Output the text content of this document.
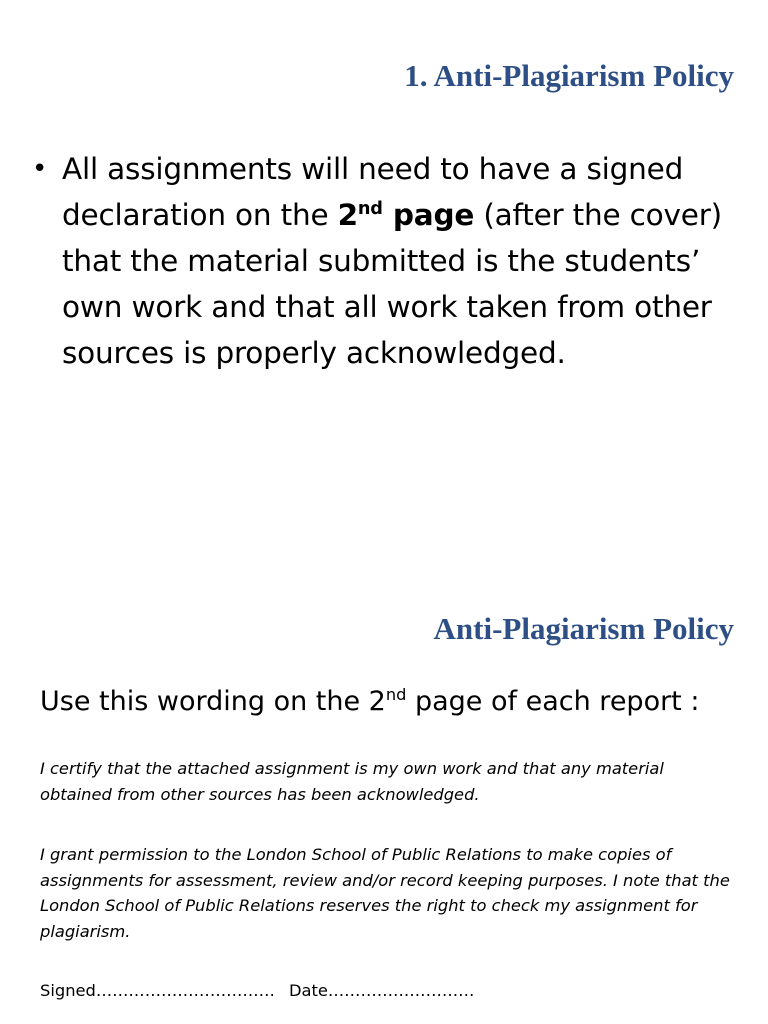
1. Anti-Plagiarism Policy
• All assignments will need to have a signed declaration on the 2nd page (after the cover) that the material submitted is the students’ own work and that all work taken from other sources is properly acknowledged.
Anti-Plagiarism Policy

Use this wording on the 2nd page of each report :

I certify that the attached assignment is my own work and that any material obtained from other sources has been acknowledged.

I grant permission to the London School of Public Relations to make copies of assignments for assessment, review and/or record keeping purposes. I note that the London School of Public Relations reserves the right to check my assignment for plagiarism.

Signed…………………………… Date………………………
